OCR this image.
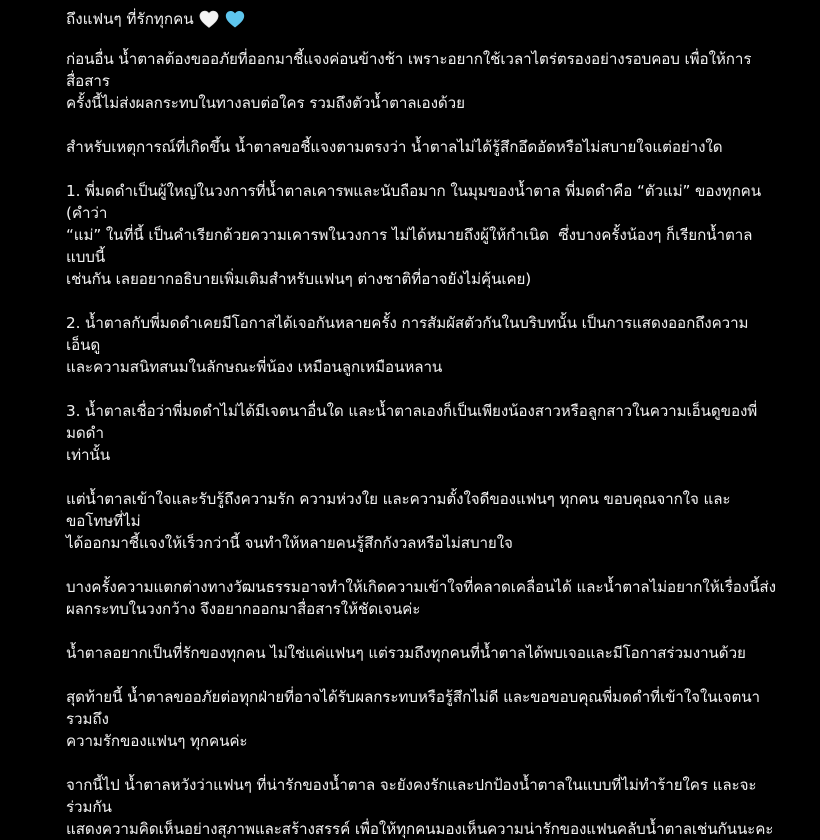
ถึงแฟนๆ ที่รักทุกคน

ก่อนอื่น น้ำตาลต้องขออภัยที่ออกมาชี้แจงค่อนข้างช้า เพราะอยากใช้เวลาไตร่ตรองอย่างรอบคอบ เพื่อให้การสื่อสาร
ครั้งนี้ไม่ส่งผลกระทบในทางลบต่อใคร รวมถึงตัวน้ำตาลเองด้วย

สำหรับเหตุการณ์ที่เกิดขึ้น น้ำตาลขอชี้แจงตามตรงว่า น้ำตาลไม่ได้รู้สึกอึดอัดหรือไม่สบายใจแต่อย่างใด

1. พี่มดดำเป็นผู้ใหญ่ในวงการที่น้ำตาลเคารพและนับถือมาก ในมุมของน้ำตาล พี่มดดำคือ “ตัวแม่” ของทุกคน (คำว่า
“แม่” ในที่นี้ เป็นคำเรียกด้วยความเคารพในวงการ ไม่ได้หมายถึงผู้ให้กำเนิด  ซึ่งบางครั้งน้องๆ ก็เรียกน้ำตาลแบบนี้
เช่นกัน เลยอยากอธิบายเพิ่มเติมสำหรับแฟนๆ ต่างชาติที่อาจยังไม่คุ้นเคย)

2. น้ำตาลกับพี่มดดำเคยมีโอกาสได้เจอกันหลายครั้ง การสัมผัสตัวกันในบริบทนั้น เป็นการแสดงออกถึงความเอ็นดู
และความสนิทสนมในลักษณะพี่น้อง เหมือนลูกเหมือนหลาน

3. น้ำตาลเชื่อว่าพี่มดดำไม่ได้มีเจตนาอื่นใด และน้ำตาลเองก็เป็นเพียงน้องสาวหรือลูกสาวในความเอ็นดูของพี่มดดำ
เท่านั้น

แต่น้ำตาลเข้าใจและรับรู้ถึงความรัก ความห่วงใย และความตั้งใจดีของแฟนๆ ทุกคน ขอบคุณจากใจ และขอโทษที่ไม่
ได้ออกมาชี้แจงให้เร็วกว่านี้ จนทำให้หลายคนรู้สึกกังวลหรือไม่สบายใจ

บางครั้งความแตกต่างทางวัฒนธรรมอาจทำให้เกิดความเข้าใจที่คลาดเคลื่อนได้ และน้ำตาลไม่อยากให้เรื่องนี้ส่ง
ผลกระทบในวงกว้าง จึงอยากออกมาสื่อสารให้ชัดเจนค่ะ

น้ำตาลอยากเป็นที่รักของทุกคน ไม่ใช่แค่แฟนๆ แต่รวมถึงทุกคนที่น้ำตาลได้พบเจอและมีโอกาสร่วมงานด้วย

สุดท้ายนี้ น้ำตาลขออภัยต่อทุกฝ่ายที่อาจได้รับผลกระทบหรือรู้สึกไม่ดี และขอขอบคุณพี่มดดำที่เข้าใจในเจตนา รวมถึง
ความรักของแฟนๆ ทุกคนค่ะ

จากนี้ไป น้ำตาลหวังว่าแฟนๆ ที่น่ารักของน้ำตาล จะยังคงรักและปกป้องน้ำตาลในแบบที่ไม่ทำร้ายใคร และจะร่วมกัน
แสดงความคิดเห็นอย่างสุภาพและสร้างสรรค์ เพื่อให้ทุกคนมองเห็นความน่ารักของแฟนคลับน้ำตาลเช่นกันนะคะ
